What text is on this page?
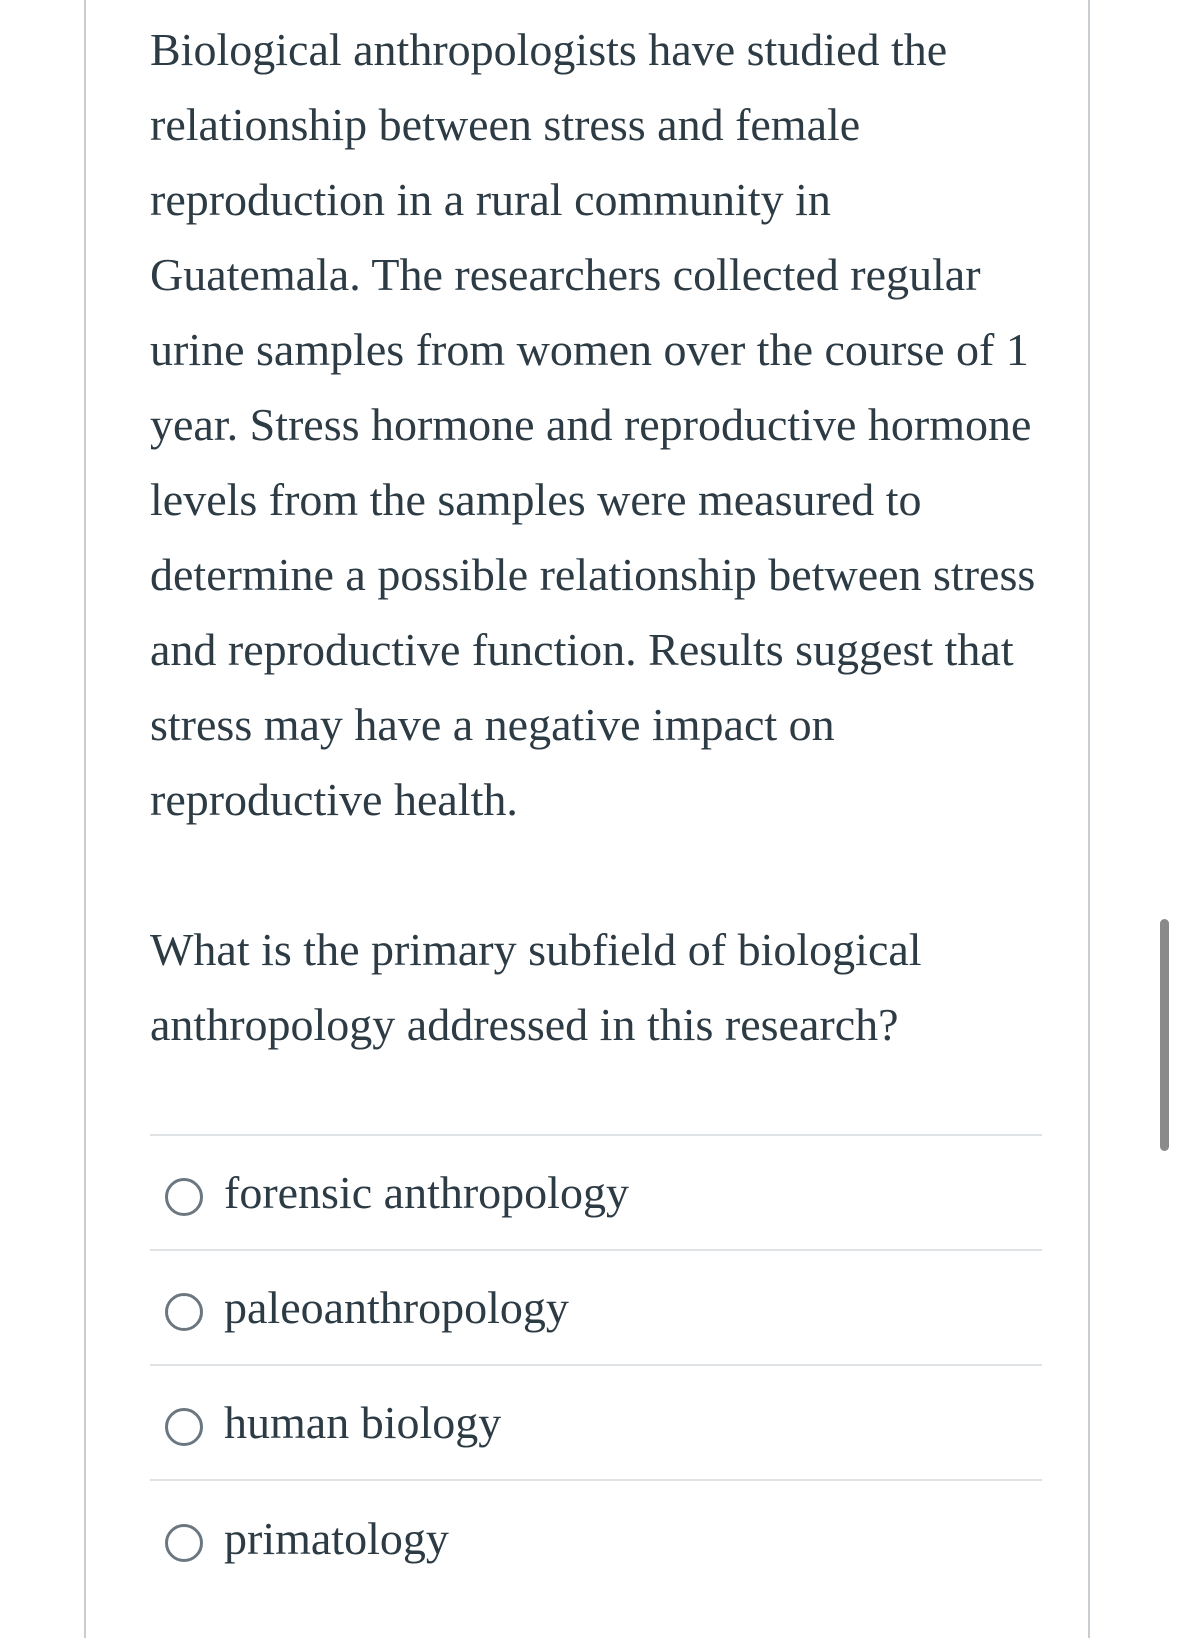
Biological anthropologists have studied the relationship between stress and female reproduction in a rural community in Guatemala. The researchers collected regular urine samples from women over the course of 1 year. Stress hormone and reproductive hormone levels from the samples were measured to determine a possible relationship between stress and reproductive function. Results suggest that stress may have a negative impact on reproductive health.

What is the primary subfield of biological anthropology addressed in this research?

forensic anthropology
paleoanthropology
human biology
primatology
